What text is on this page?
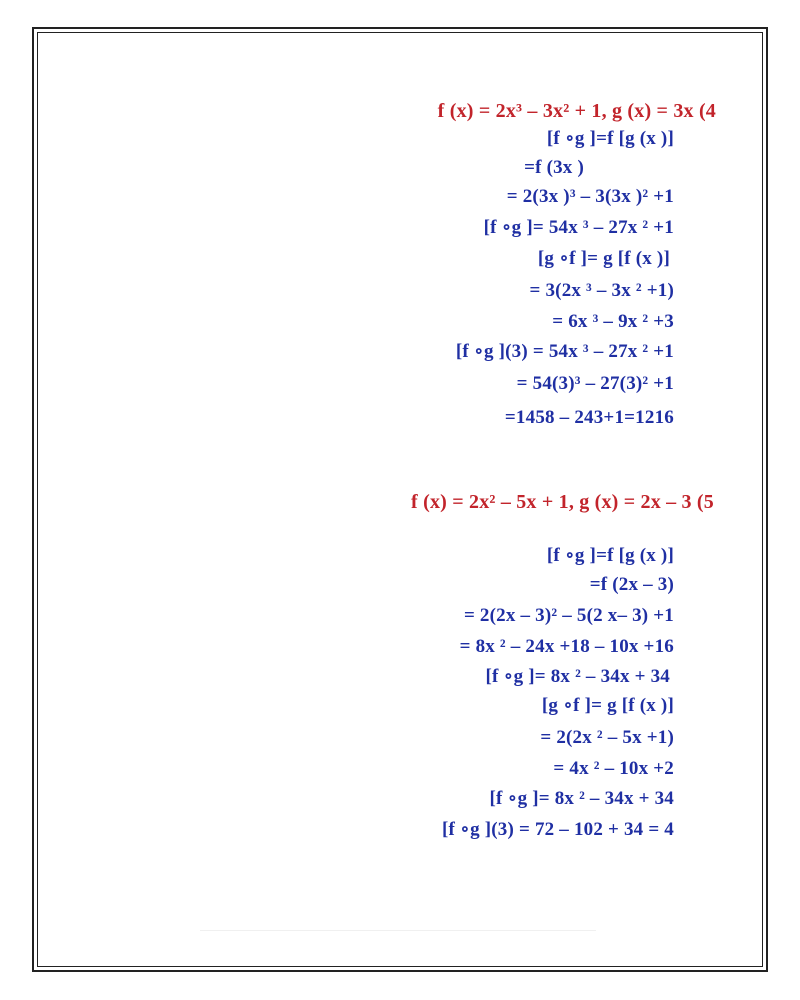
f (x) = 2x³ – 3x² + 1, g (x) = 3x (4
[f ∘g ]=f [g (x )]
=f (3x )
= 2(3x )³ – 3(3x )² +1
[f ∘g ]= 54x ³ – 27x ² +1
[g ∘f ]= g [f (x )]
= 3(2x ³ – 3x ² +1)
= 6x ³ – 9x ² +3
[f ∘g ](3) = 54x ³ – 27x ² +1
= 54(3)³ – 27(3)² +1
=1458 – 243+1=1216
f (x) = 2x² – 5x + 1, g (x) = 2x – 3 (5
[f ∘g ]=f [g (x )]
=f (2x – 3)
= 2(2x – 3)² – 5(2 x– 3) +1
= 8x ² – 24x +18 – 10x +16
[f ∘g ]= 8x ² – 34x + 34
[g ∘f ]= g [f (x )]
= 2(2x ² – 5x +1)
= 4x ² – 10x +2
[f ∘g ]= 8x ² – 34x + 34
[f ∘g ](3) = 72 – 102 + 34 = 4
